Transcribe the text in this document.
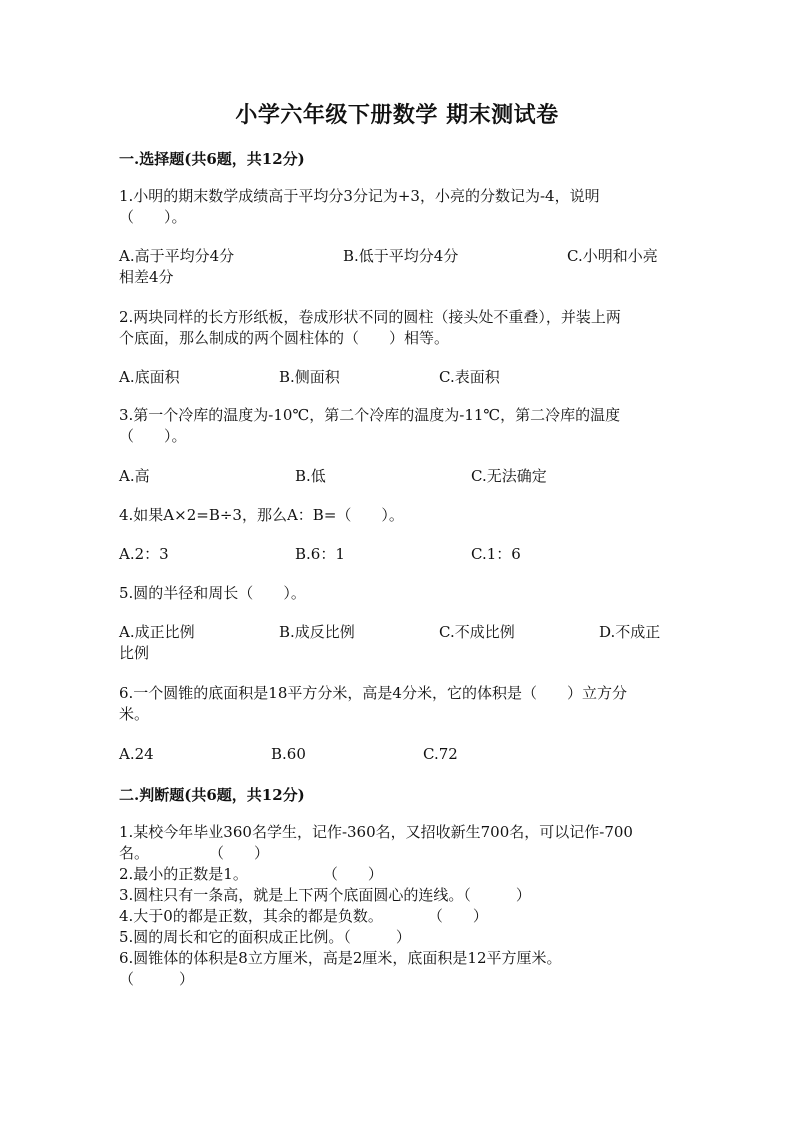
小学六年级下册数学 期末测试卷
一.选择题(共6题，共12分)
1.小明的期末数学成绩高于平均分3分记为+3，小亮的分数记为-4，说明
（　　）。
A.高于平均分4分	B.低于平均分4分	C.小明和小亮
相差4分
2.两块同样的长方形纸板，卷成形状不同的圆柱（接头处不重叠），并装上两
个底面，那么制成的两个圆柱体的（　　）相等。
A.底面积	B.侧面积	C.表面积
3.第一个冷库的温度为-10℃，第二个冷库的温度为-11℃，第二冷库的温度
（　　）。
A.高	B.低	C.无法确定
4.如果A×2=B÷3，那么A：B=（　　）。
A.2：3	B.6：1	C.1：6
5.圆的半径和周长（　　）。
A.成正比例	B.成反比例	C.不成比例	D.不成正
比例
6.一个圆锥的底面积是18平方分米，高是4分米，它的体积是（　　）立方分
米。
A.24	B.60	C.72
二.判断题(共6题，共12分)
1.某校今年毕业360名学生，记作-360名，又招收新生700名，可以记作-700
名。　　　　　（　　）
2.最小的正数是1。　　　　　　（　　）
3.圆柱只有一条高，就是上下两个底面圆心的连线。（　　　）
4.大于0的都是正数，其余的都是负数。　　　　（　　）
5.圆的周长和它的面积成正比例。（　　　）
6.圆锥体的体积是8立方厘米，高是2厘米，底面积是12平方厘米。
（　　　）
